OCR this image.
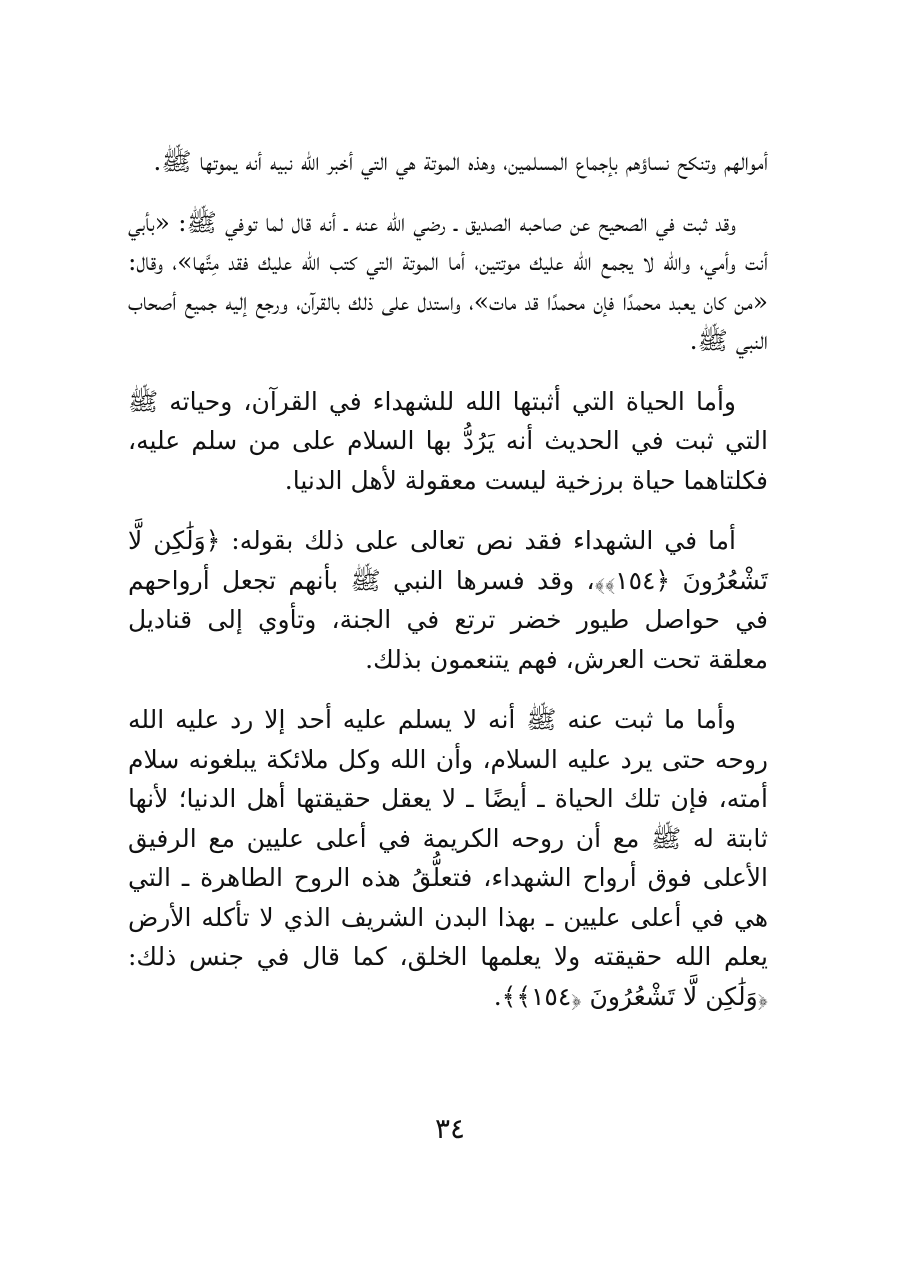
أموالهم وتنكح نساؤهم بإجماع المسلمين، وهذه الموتة هي التي أخبر الله نبيه أنه يموتها ﷺ.

وقد ثبت في الصحيح عن صاحبه الصديق ـ رضي الله عنه ـ أنه قال لما توفي ﷺ: «بأبي أنت وأمي، والله لا يجمع الله عليك موتتين، أما الموتة التي كتب الله عليك فقد مِتَّها»، وقال: «من كان يعبد محمدًا فإن محمدًا قد مات»، واستدل على ذلك بالقرآن، ورجع إليه جميع أصحاب النبي ﷺ.

وأما الحياة التي أثبتها الله للشهداء في القرآن، وحياته ﷺ التي ثبت في الحديث أنه يَرُدُّ بها السلام على من سلم عليه، فكلتاهما حياة برزخية ليست معقولة لأهل الدنيا.

أما في الشهداء فقد نص تعالى على ذلك بقوله: ﴿وَلَٰكِن لَّا تَشْعُرُونَ ﴿١٥٤﴾﴾، وقد فسرها النبي ﷺ بأنهم تجعل أرواحهم في حواصل طيور خضر ترتع في الجنة، وتأوي إلى قناديل معلقة تحت العرش، فهم يتنعمون بذلك.

وأما ما ثبت عنه ﷺ أنه لا يسلم عليه أحد إلا رد عليه الله روحه حتى يرد عليه السلام، وأن الله وكل ملائكة يبلغونه سلام أمته، فإن تلك الحياة ـ أيضًا ـ لا يعقل حقيقتها أهل الدنيا؛ لأنها ثابتة له ﷺ مع أن روحه الكريمة في أعلى عليين مع الرفيق الأعلى فوق أرواح الشهداء، فتعلُّقُ هذه الروح الطاهرة ـ التي هي في أعلى عليين ـ بهذا البدن الشريف الذي لا تأكله الأرض يعلم الله حقيقته ولا يعلمها الخلق، كما قال في جنس ذلك: ﴿وَلَٰكِن لَّا تَشْعُرُونَ ﴿١٥٤﴾﴾.

٣٤
